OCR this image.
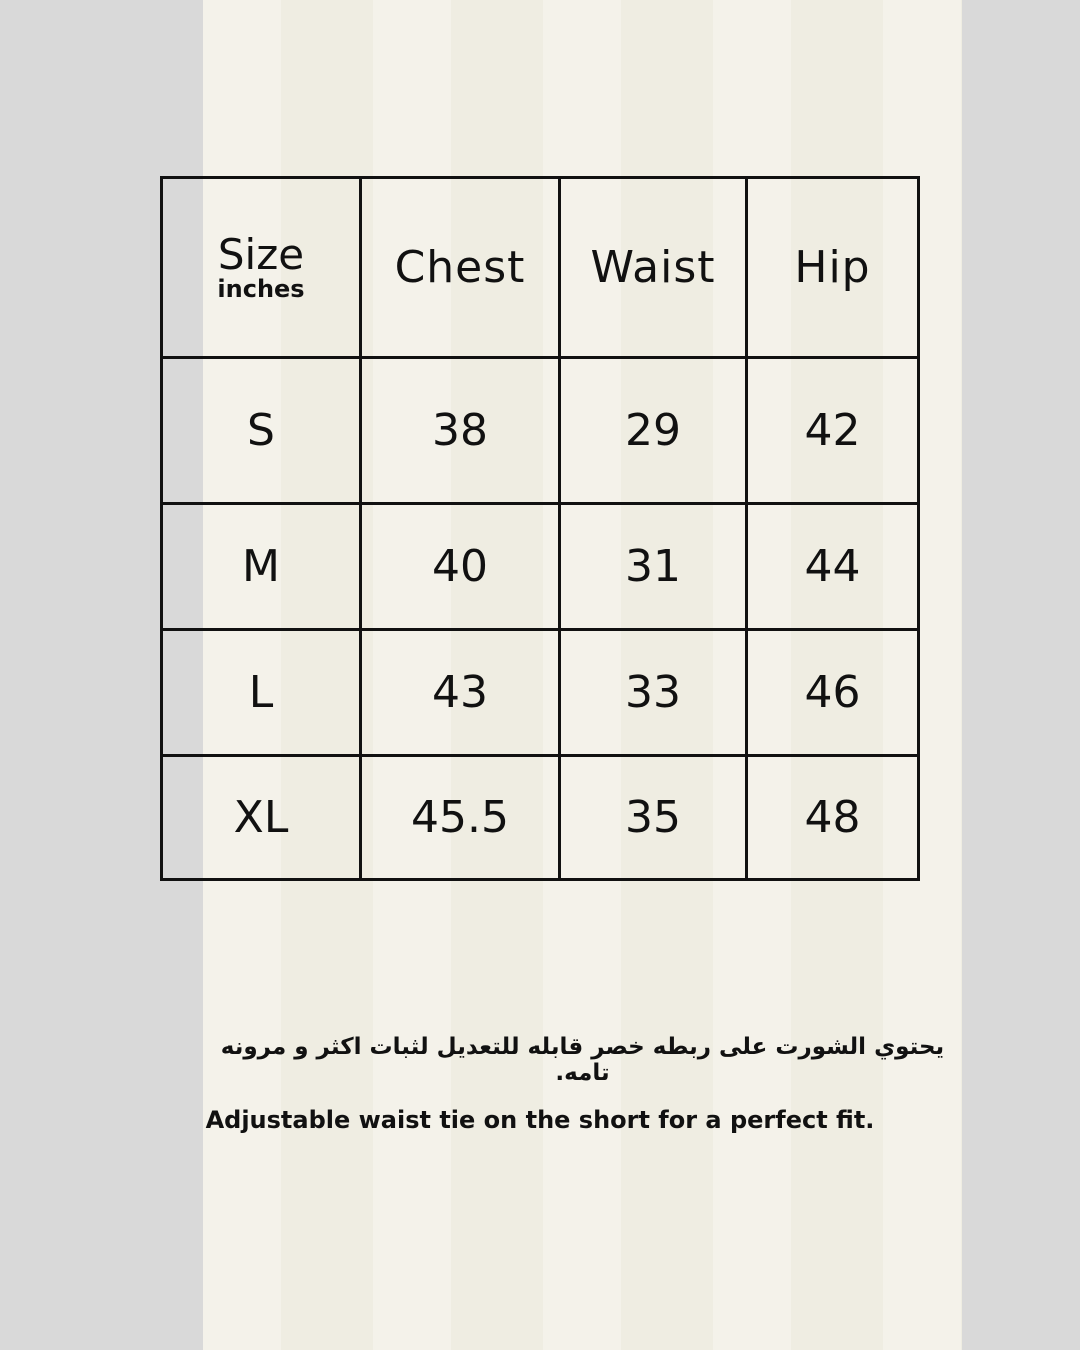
Size
inches	Chest	Waist	Hip
S	38	29	42
M	40	31	44
L	43	33	46
XL	45.5	35	48
يحتوي الشورت على ربطه خصر قابله للتعديل لثبات اكثر و مرونه تامه.
Adjustable waist tie on the short for a perfect fit.
